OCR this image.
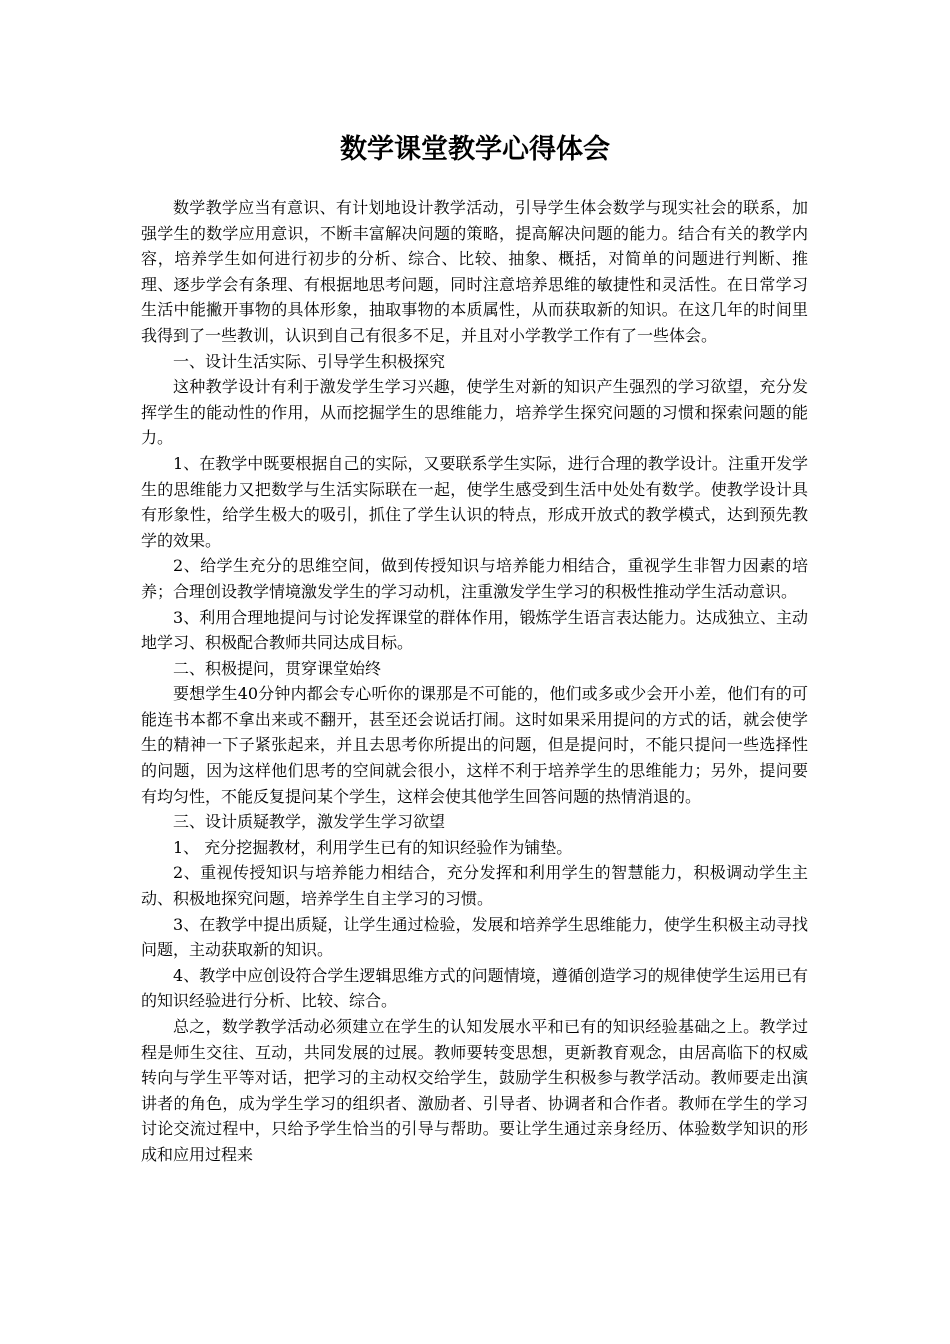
数学课堂教学心得体会

数学教学应当有意识、有计划地设计教学活动，引导学生体会数学与现实社会的联系，加强学生的数学应用意识，不断丰富解决问题的策略，提高解决问题的能力。结合有关的教学内容，培养学生如何进行初步的分析、综合、比较、抽象、概括，对简单的问题进行判断、推理、逐步学会有条理、有根据地思考问题，同时注意培养思维的敏捷性和灵活性。在日常学习生活中能撇开事物的具体形象，抽取事物的本质属性，从而获取新的知识。在这几年的时间里我得到了一些教训，认识到自己有很多不足，并且对小学教学工作有了一些体会。

一、设计生活实际、引导学生积极探究

这种教学设计有利于激发学生学习兴趣，使学生对新的知识产生强烈的学习欲望，充分发挥学生的能动性的作用，从而挖掘学生的思维能力，培养学生探究问题的习惯和探索问题的能力。

1、在教学中既要根据自己的实际，又要联系学生实际，进行合理的教学设计。注重开发学生的思维能力又把数学与生活实际联在一起，使学生感受到生活中处处有数学。使教学设计具有形象性，给学生极大的吸引，抓住了学生认识的特点，形成开放式的教学模式，达到预先教学的效果。

2、给学生充分的思维空间，做到传授知识与培养能力相结合，重视学生非智力因素的培养；合理创设教学情境激发学生的学习动机，注重激发学生学习的积极性推动学生活动意识。

3、利用合理地提问与讨论发挥课堂的群体作用，锻炼学生语言表达能力。达成独立、主动地学习、积极配合教师共同达成目标。

二、积极提问，贯穿课堂始终

要想学生40分钟内都会专心听你的课那是不可能的，他们或多或少会开小差，他们有的可能连书本都不拿出来或不翻开，甚至还会说话打闹。这时如果采用提问的方式的话，就会使学生的精神一下子紧张起来，并且去思考你所提出的问题，但是提问时，不能只提问一些选择性的问题，因为这样他们思考的空间就会很小，这样不利于培养学生的思维能力；另外，提问要有均匀性，不能反复提问某个学生，这样会使其他学生回答问题的热情消退的。

三、设计质疑教学，激发学生学习欲望

1、 充分挖掘教材，利用学生已有的知识经验作为铺垫。

2、重视传授知识与培养能力相结合，充分发挥和利用学生的智慧能力，积极调动学生主动、积极地探究问题，培养学生自主学习的习惯。

3、在教学中提出质疑，让学生通过检验，发展和培养学生思维能力，使学生积极主动寻找问题，主动获取新的知识。

4、教学中应创设符合学生逻辑思维方式的问题情境，遵循创造学习的规律使学生运用已有的知识经验进行分析、比较、综合。

总之，数学教学活动必须建立在学生的认知发展水平和已有的知识经验基础之上。教学过程是师生交往、互动，共同发展的过展。教师要转变思想，更新教育观念，由居高临下的权威转向与学生平等对话，把学习的主动权交给学生，鼓励学生积极参与教学活动。教师要走出演讲者的角色，成为学生学习的组织者、激励者、引导者、协调者和合作者。教师在学生的学习讨论交流过程中，只给予学生恰当的引导与帮助。要让学生通过亲身经历、体验数学知识的形成和应用过程来
